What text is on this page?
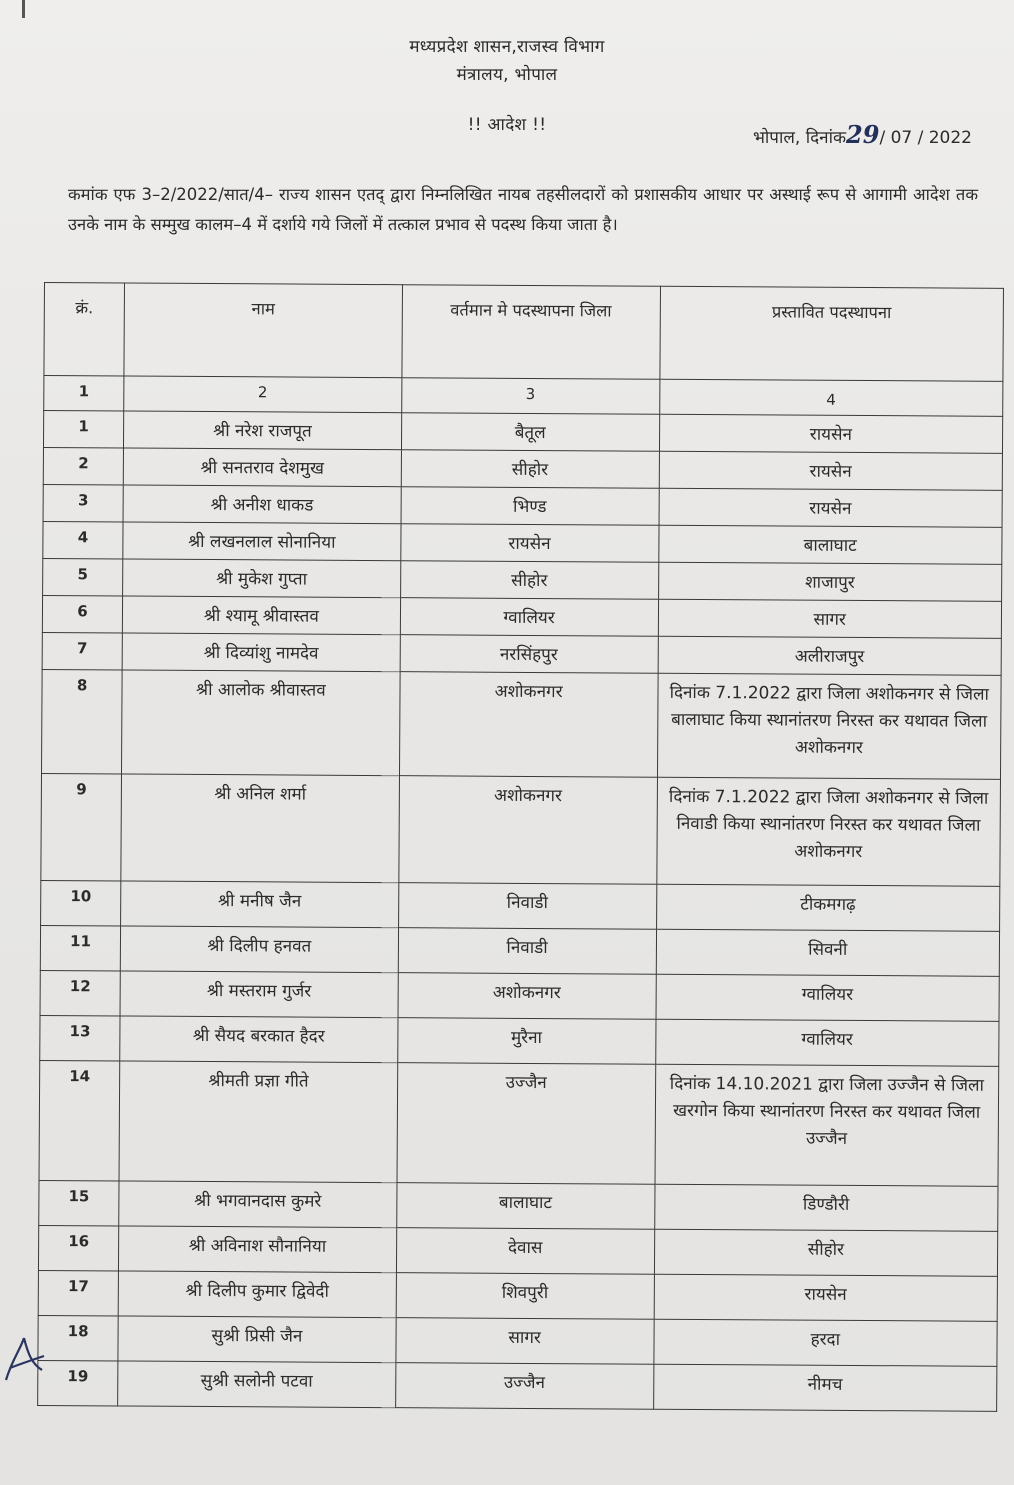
मध्यप्रदेश शासन,राजस्व विभाग
मंत्रालय, भोपाल
!! आदेश !!
भोपाल, दिनांक29/ 07 / 2022
कमांक एफ 3–2/2022/सात/4– राज्य शासन एतद् द्वारा निम्नलिखित नायब तहसीलदारों को प्रशासकीय आधार पर अस्थाई रूप से आगामी आदेश तक उनके नाम के सम्मुख कालम–4 में दर्शाये गये जिलों में तत्काल प्रभाव से पदस्थ किया जाता है।
क्रं.	नाम	वर्तमान मे पदस्थापना जिला	प्रस्तावित पदस्थापना
1	2	3	4
1	श्री नरेश राजपूत	बैतूल	रायसेन
2	श्री सनतराव देशमुख	सीहोर	रायसेन
3	श्री अनीश धाकड	भिण्ड	रायसेन
4	श्री लखनलाल सोनानिया	रायसेन	बालाघाट
5	श्री मुकेश गुप्ता	सीहोर	शाजापुर
6	श्री श्यामू श्रीवास्तव	ग्वालियर	सागर
7	श्री दिव्यांशु नामदेव	नरसिंहपुर	अलीराजपुर
8	श्री आलोक श्रीवास्तव	अशोकनगर	दिनांक 7.1.2022 द्वारा जिला अशोकनगर से जिला बालाघाट किया स्थानांतरण निरस्त कर यथावत जिला अशोकनगर
9	श्री अनिल शर्मा	अशोकनगर	दिनांक 7.1.2022 द्वारा जिला अशोकनगर से जिला निवाडी किया स्थानांतरण निरस्त कर यथावत जिला अशोकनगर
10	श्री मनीष जैन	निवाडी	टीकमगढ़
11	श्री दिलीप हनवत	निवाडी	सिवनी
12	श्री मस्तराम गुर्जर	अशोकनगर	ग्वालियर
13	श्री सैयद बरकात हैदर	मुरैना	ग्वालियर
14	श्रीमती प्रज्ञा गीते	उज्जैन	दिनांक 14.10.2021 द्वारा जिला उज्जैन से जिला खरगोन किया स्थानांतरण निरस्त कर यथावत जिला उज्जैन
15	श्री भगवानदास कुमरे	बालाघाट	डिण्डौरी
16	श्री अविनाश सौनानिया	देवास	सीहोर
17	श्री दिलीप कुमार द्विवेदी	शिवपुरी	रायसेन
18	सुश्री प्रिसी जैन	सागर	हरदा
19	सुश्री सलोनी पटवा	उज्जैन	नीमच
